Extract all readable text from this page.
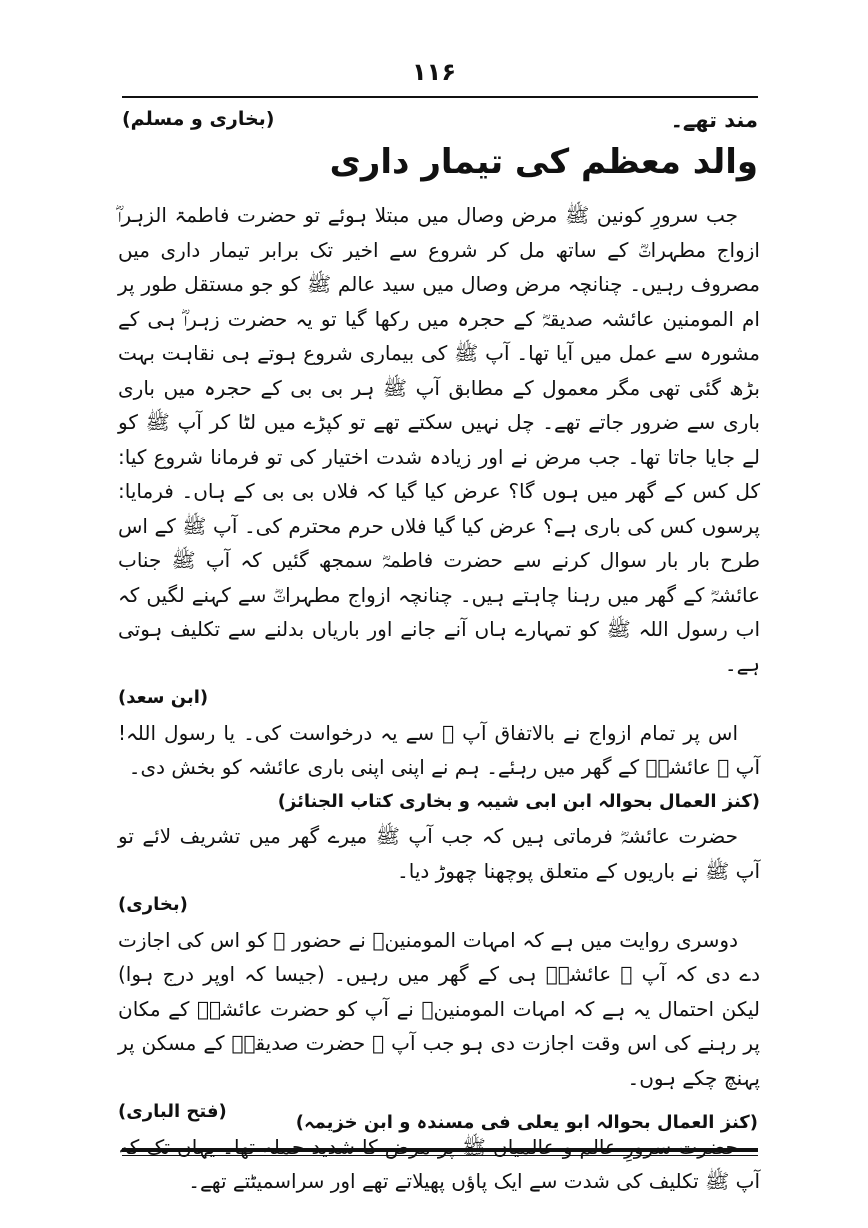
۱۱۶
مند تھے۔
(بخاری و مسلم)
والد معظم کی تیمار داری

جب سرورِ کونین ﷺ مرض وصال میں مبتلا ہوئے تو حضرت فاطمۃ الزہراؓ ازواج مطہراتؓ کے ساتھ مل کر شروع سے اخیر تک برابر تیمار داری میں مصروف رہیں۔ چنانچہ مرض وصال میں سید عالم ﷺ کو جو مستقل طور پر ام المومنین عائشہ صدیقہؓ کے حجرہ میں رکھا گیا تو یہ حضرت زہراؓ ہی کے مشورہ سے عمل میں آیا تھا۔ آپ ﷺ کی بیماری شروع ہوتے ہی نقاہت بہت بڑھ گئی تھی مگر معمول کے مطابق آپ ﷺ ہر بی بی کے حجرہ میں باری باری سے ضرور جاتے تھے۔ چل نہیں سکتے تھے تو کپڑے میں لٹا کر آپ ﷺ کو لے جایا جاتا تھا۔ جب مرض نے اور زیادہ شدت اختیار کی تو فرمانا شروع کیا: کل کس کے گھر میں ہوں گا؟ عرض کیا گیا کہ فلاں بی بی کے ہاں۔ فرمایا: پرسوں کس کی باری ہے؟ عرض کیا گیا فلاں حرم محترم کی۔ آپ ﷺ کے اس طرح بار بار سوال کرنے سے حضرت فاطمہؓ سمجھ گئیں کہ آپ ﷺ جناب عائشہؓ کے گھر میں رہنا چاہتے ہیں۔ چنانچہ ازواج مطہراتؓ سے کہنے لگیں کہ اب رسول اللہ ﷺ کو تمہارے ہاں آنے جانے اور باریاں بدلنے سے تکلیف ہوتی ہے۔

(ابن سعد)

اس پر تمام ازواج نے بالاتفاق آپ ﷺ سے یہ درخواست کی۔ یا رسول اللہ! آپ ﷺ عائشہؓ کے گھر میں رہئے۔ ہم نے اپنی اپنی باری عائشہ کو بخش دی۔

(کنز العمال بحوالہ ابن ابی شیبہ و بخاری کتاب الجنائز)

حضرت عائشہؓ فرماتی ہیں کہ جب آپ ﷺ میرے گھر میں تشریف لائے تو آپ ﷺ نے باریوں کے متعلق پوچھنا چھوڑ دیا۔

(بخاری)

دوسری روایت میں ہے کہ امہات المومنینؓ نے حضور ﷺ کو اس کی اجازت دے دی کہ آپ ﷺ عائشہؓ ہی کے گھر میں رہیں۔ (جیسا کہ اوپر درج ہوا) لیکن احتمال یہ ہے کہ امہات المومنینؓ نے آپ کو حضرت عائشہؓ کے مکان پر رہنے کی اس وقت اجازت دی ہو جب آپ ﷺ حضرت صدیقہؓ کے مسکن پر پہنچ چکے ہوں۔

(فتح الباری)

حضرت سرورِ عالم و عالمیاں ﷺ پر مرض کا شدید حملہ تھا۔ یہاں تک کہ آپ ﷺ تکلیف کی شدت سے ایک پاؤں پھیلاتے تھے اور سراسمیٹتے تھے۔

(کنز العمال بحوالہ ابو یعلی فی مسندہ و ابن خزیمہ)
